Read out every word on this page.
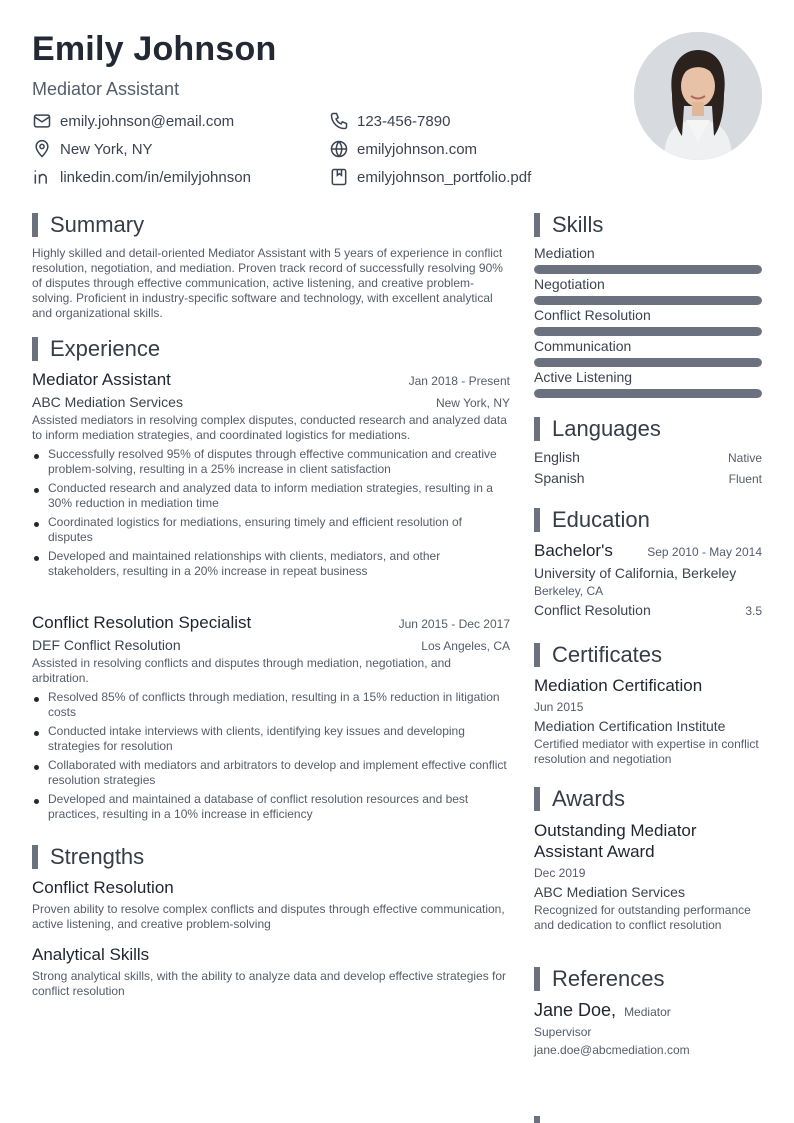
Emily Johnson
Mediator Assistant
emily.johnson@email.com	123-456-7890
New York, NY	emilyjohnson.com
linkedin.com/in/emilyjohnson	emilyjohnson_portfolio.pdf
Summary
Highly skilled and detail-oriented Mediator Assistant with 5 years of experience in conflict resolution, negotiation, and mediation. Proven track record of successfully resolving 90% of disputes through effective communication, active listening, and creative problem-solving. Proficient in industry-specific software and technology, with excellent analytical and organizational skills.
Experience
Mediator Assistant	Jan 2018 - Present
ABC Mediation Services	New York, NY
Assisted mediators in resolving complex disputes, conducted research and analyzed data to inform mediation strategies, and coordinated logistics for mediations.
Successfully resolved 95% of disputes through effective communication and creative problem-solving, resulting in a 25% increase in client satisfaction
Conducted research and analyzed data to inform mediation strategies, resulting in a 30% reduction in mediation time
Coordinated logistics for mediations, ensuring timely and efficient resolution of disputes
Developed and maintained relationships with clients, mediators, and other stakeholders, resulting in a 20% increase in repeat business
Conflict Resolution Specialist	Jun 2015 - Dec 2017
DEF Conflict Resolution	Los Angeles, CA
Assisted in resolving conflicts and disputes through mediation, negotiation, and arbitration.
Resolved 85% of conflicts through mediation, resulting in a 15% reduction in litigation costs
Conducted intake interviews with clients, identifying key issues and developing strategies for resolution
Collaborated with mediators and arbitrators to develop and implement effective conflict resolution strategies
Developed and maintained a database of conflict resolution resources and best practices, resulting in a 10% increase in efficiency
Strengths
Conflict Resolution
Proven ability to resolve complex conflicts and disputes through effective communication, active listening, and creative problem-solving
Analytical Skills
Strong analytical skills, with the ability to analyze data and develop effective strategies for conflict resolution
Skills
Mediation
Negotiation
Conflict Resolution
Communication
Active Listening
Languages
English	Native
Spanish	Fluent
Education
Bachelor's	Sep 2010 - May 2014
University of California, Berkeley
Berkeley, CA
Conflict Resolution	3.5
Certificates
Mediation Certification
Jun 2015
Mediation Certification Institute
Certified mediator with expertise in conflict resolution and negotiation
Awards
Outstanding Mediator Assistant Award
Dec 2019
ABC Mediation Services
Recognized for outstanding performance and dedication to conflict resolution
References
Jane Doe, Mediator
Supervisor
jane.doe@abcmediation.com
